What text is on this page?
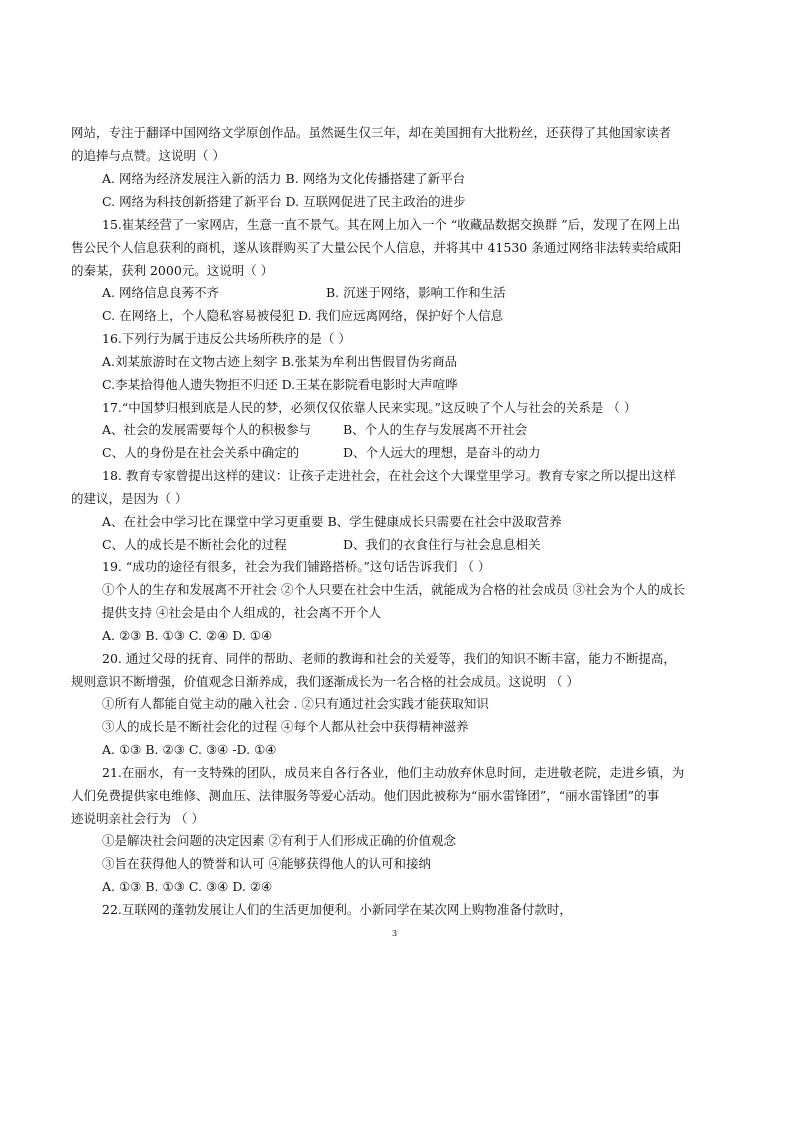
网站，专注于翻译中国网络文学原创作品。虽然诞生仅三年，却在美国拥有大批粉丝，还获得了其他国家读者
的追捧与点赞。这说明（ ）
A. 网络为经济发展注入新的活力 B. 网络为文化传播搭建了新平台
C. 网络为科技创新搭建了新平台 D. 互联网促进了民主政治的进步
15.崔某经营了一家网店，生意一直不景气。其在网上加入一个 “收藏品数据交换群 ”后，发现了在网上出
售公民个人信息获利的商机，遂从该群购买了大量公民个人信息，并将其中 41530 条通过网络非法转卖给咸阳
的秦某，获利 2000元。这说明（ ）
A. 网络信息良莠不齐	B. 沉迷于网络，影响工作和生活
C. 在网络上，个人隐私容易被侵犯 D. 我们应远离网络，保护好个人信息
16.下列行为属于违反公共场所秩序的是（ ）
A.刘某旅游时在文物古迹上刻字 B.张某为牟利出售假冒伪劣商品
C.李某拾得他人遗失物拒不归还 D.王某在影院看电影时大声喧哗
17.“中国梦归根到底是人民的梦，必须仅仅依靠人民来实现。”这反映了个人与社会的关系是 （ ）
A、社会的发展需要每个人的积极参与	B、个人的生存与发展离不开社会
C、人的身份是在社会关系中确定的	D、个人远大的理想，是奋斗的动力
18. 教育专家曾提出这样的建议：让孩子走进社会，在社会这个大课堂里学习。教育专家之所以提出这样
的建议，是因为（ ）
A、在社会中学习比在课堂中学习更重要 B、学生健康成长只需要在社会中汲取营养
C、人的成长是不断社会化的过程	D、我们的衣食住行与社会息息相关
19. “成功的途径有很多，社会为我们铺路搭桥。”这句话告诉我们 （ ）
①个人的生存和发展离不开社会 ②个人只要在社会中生活，就能成为合格的社会成员 ③社会为个人的成长
提供支持 ④社会是由个人组成的，社会离不开个人
A. ②③ B. ①③ C. ②④ D. ①④
20. 通过父母的抚育、同伴的帮助、老师的教诲和社会的关爱等，我们的知识不断丰富，能力不断提高，
规则意识不断增强，价值观念日渐养成，我们逐渐成长为一名合格的社会成员。这说明 （ ）
①所有人都能自觉主动的融入社会 . ②只有通过社会实践才能获取知识
③人的成长是不断社会化的过程 ④每个人都从社会中获得精神滋养
A. ①③ B. ②③ C. ③④ -D. ①④
21.在丽水，有一支特殊的团队，成员来自各行各业，他们主动放弃休息时间，走进敬老院，走进乡镇，为
人们免费提供家电维修、测血压、法律服务等爱心活动。他们因此被称为“丽水雷锋团”，“丽水雷锋团”的事
迹说明亲社会行为 （ ）
①是解决社会问题的决定因素 ②有利于人们形成正确的价值观念
③旨在获得他人的赞誉和认可 ④能够获得他人的认可和接纳
A. ①③ B. ①③ C. ③④ D. ②④
22.互联网的蓬勃发展让人们的生活更加便利。小新同学在某次网上购物准备付款时，
3
